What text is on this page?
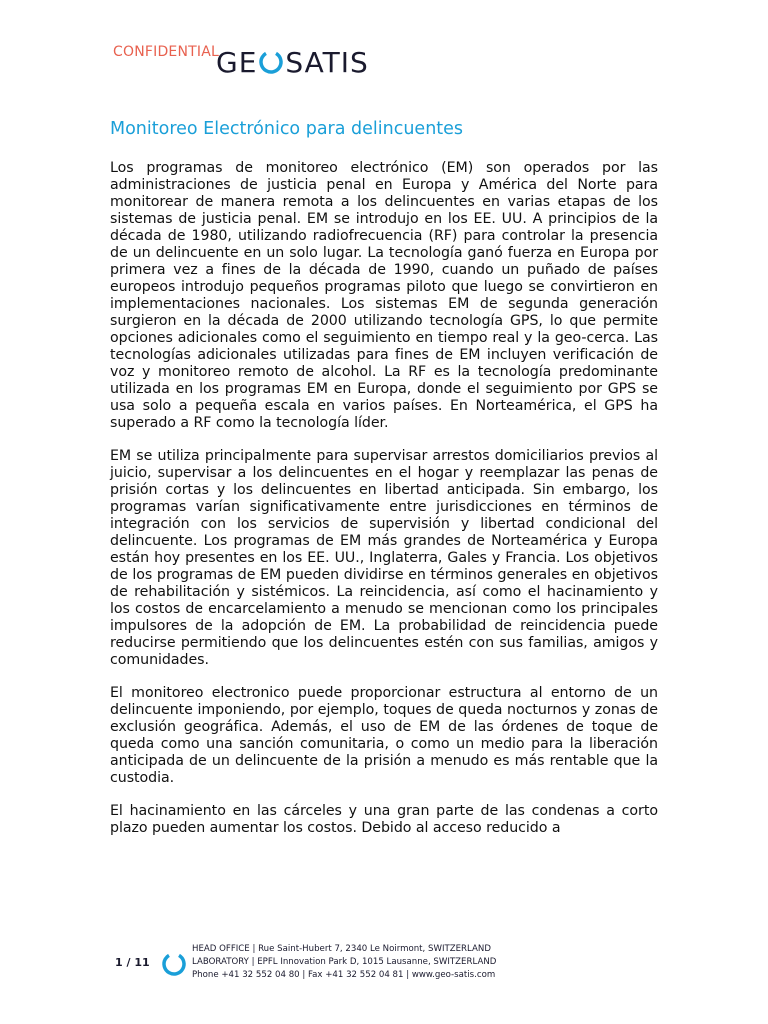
CONFIDENTIAL
GE SATIS
Monitoreo Electrónico para delincuentes

Los programas de monitoreo electrónico (EM) son operados por las administraciones de justicia penal en Europa y América del Norte para monitorear de manera remota a los delincuentes en varias etapas de los sistemas de justicia penal. EM se introdujo en los EE. UU. A principios de la década de 1980, utilizando radiofrecuencia (RF) para controlar la presencia de un delincuente en un solo lugar. La tecnología ganó fuerza en Europa por primera vez a fines de la década de 1990, cuando un puñado de países europeos introdujo pequeños programas piloto que luego se convirtieron en implementaciones nacionales. Los sistemas EM de segunda generación surgieron en la década de 2000 utilizando tecnología GPS, lo que permite opciones adicionales como el seguimiento en tiempo real y la geo-cerca. Las tecnologías adicionales utilizadas para fines de EM incluyen verificación de voz y monitoreo remoto de alcohol. La RF es la tecnología predominante utilizada en los programas EM en Europa, donde el seguimiento por GPS se usa solo a pequeña escala en varios países. En Norteamérica, el GPS ha superado a RF como la tecnología líder.

EM se utiliza principalmente para supervisar arrestos domiciliarios previos al juicio, supervisar a los delincuentes en el hogar y reemplazar las penas de prisión cortas y los delincuentes en libertad anticipada. Sin embargo, los programas varían significativamente entre jurisdicciones en términos de integración con los servicios de supervisión y libertad condicional del delincuente. Los programas de EM más grandes de Norteamérica y Europa están hoy presentes en los EE. UU., Inglaterra, Gales y Francia. Los objetivos de los programas de EM pueden dividirse en términos generales en objetivos de rehabilitación y sistémicos. La reincidencia, así como el hacinamiento y los costos de encarcelamiento a menudo se mencionan como los principales impulsores de la adopción de EM. La probabilidad de reincidencia puede reducirse permitiendo que los delincuentes estén con sus familias, amigos y comunidades.

El monitoreo electronico puede proporcionar estructura al entorno de un delincuente imponiendo, por ejemplo, toques de queda nocturnos y zonas de exclusión geográfica. Además, el uso de EM de las órdenes de toque de queda como una sanción comunitaria, o como un medio para la liberación anticipada de un delincuente de la prisión a menudo es más rentable que la custodia.

El hacinamiento en las cárceles y una gran parte de las condenas a corto plazo pueden aumentar los costos. Debido al acceso reducido a

1 / 11
HEAD OFFICE | Rue Saint-Hubert 7, 2340 Le Noirmont, SWITZERLAND
LABORATORY | EPFL Innovation Park D, 1015 Lausanne, SWITZERLAND
Phone +41 32 552 04 80 | Fax +41 32 552 04 81 | www.geo-satis.com
